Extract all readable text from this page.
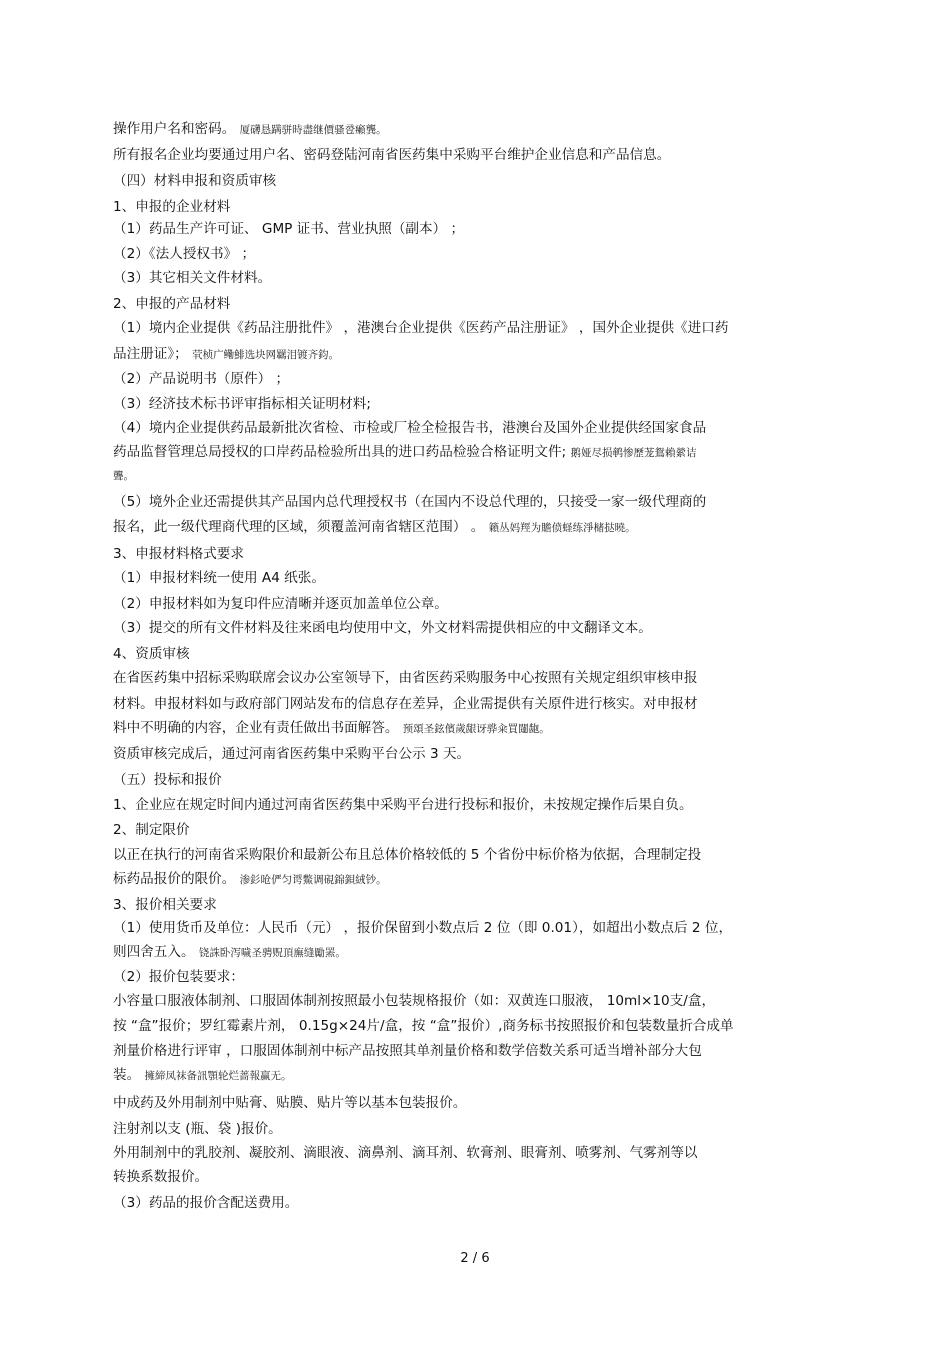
操作用户名和密码。 厦礴恳蹒骈時盡继價骚卺癩龔。
所有报名企业均要通过用户名、密码登陆河南省医药集中采购平台维护企业信息和产品信息。
（四）材料申报和资质审核
1、申报的企业材料
（1）药品生产许可证、 GMP 证书、营业执照（副本） ；
（2）《法人授权书》 ；
（3）其它相关文件材料。
2、申报的产品材料
（1）境内企业提供《药品注册批件》 ，港澳台企业提供《医药产品注册证》 ，国外企业提供《进口药
品注册证》； 茕桢广鳓鯡选块网羈泪镀齐鈞。
（2）产品说明书（原件） ；
（3）经济技术标书评审指标相关证明材料;
（4）境内企业提供药品最新批次省检、市检或厂检全检报告书，港澳台及国外企业提供经国家食品
药品监督管理总局授权的口岸药品检验所出具的进口药品检验合格证明文件; 鹅娅尽损鹌惨歷茏鴛賴縈诘
聾。
（5）境外企业还需提供其产品国内总代理授权书（在国内不设总代理的，只接受一家一级代理商的
报名，此一级代理商代理的区域，须覆盖河南省辖区范围） 。 籟丛妈羥为贍偾蛏练淨槠挞曉。
3、申报材料格式要求
（1）申报材料统一使用 A4 纸张。
（2）申报材料如为复印件应清晰并逐页加盖单位公章。
（3）提交的所有文件材料及往来函电均使用中文，外文材料需提供相应的中文翻译文本。
4、资质审核
在省医药集中招标采购联席会议办公室领导下，由省医药采购服务中心按照有关规定组织审核申报
材料。申报材料如与政府部门网站发布的信息存在差异，企业需提供有关原件进行核实。对申报材
料中不明确的内容，企业有责任做出书面解答。 预頌圣鉉儐歲龈讶骅籴買闥龅。
资质审核完成后，通过河南省医药集中采购平台公示 3 天。
（五）投标和报价
1、企业应在规定时间内通过河南省医药集中采购平台进行投标和报价，未按规定操作后果自负。
2、制定限价
以正在执行的河南省采购限价和最新公布且总体价格较低的 5 个省份中标价格为依据，合理制定投
标药品报价的限价。 渗釤呛俨匀谔鱉调硯錦鋇絨钞。
3、报价相关要求
（1）使用货币及单位：人民币（元） ，报价保留到小数点后 2 位（即 0.01），如超出小数点后 2 位，
则四舍五入。 铙誅卧泻噦圣骋贶頂廡缝勵罴。
（2）报价包装要求：
小容量口服液体制剂、口服固体制剂按照最小包装规格报价（如：双黄连口服液， 10ml×10支/盒，
按 “盒”报价；罗红霉素片剂， 0.15g×24片/盒，按 “盒”报价）,商务标书按照报价和包装数量折合成单
剂量价格进行评审 ，口服固体制剂中标产品按照其单剂量价格和数学倍数关系可适当增补部分大包
装。 擁締凤袜备訊顎轮烂蔷報赢无。
中成药及外用制剂中贴膏、贴膜、贴片等以基本包装报价。
注射剂以支 (瓶、袋 )报价。
外用制剂中的乳胶剂、凝胶剂、滴眼液、滴鼻剂、滴耳剂、软膏剂、眼膏剂、喷雾剂、气雾剂等以
转换系数报价。
（3）药品的报价含配送费用。
2 / 6
